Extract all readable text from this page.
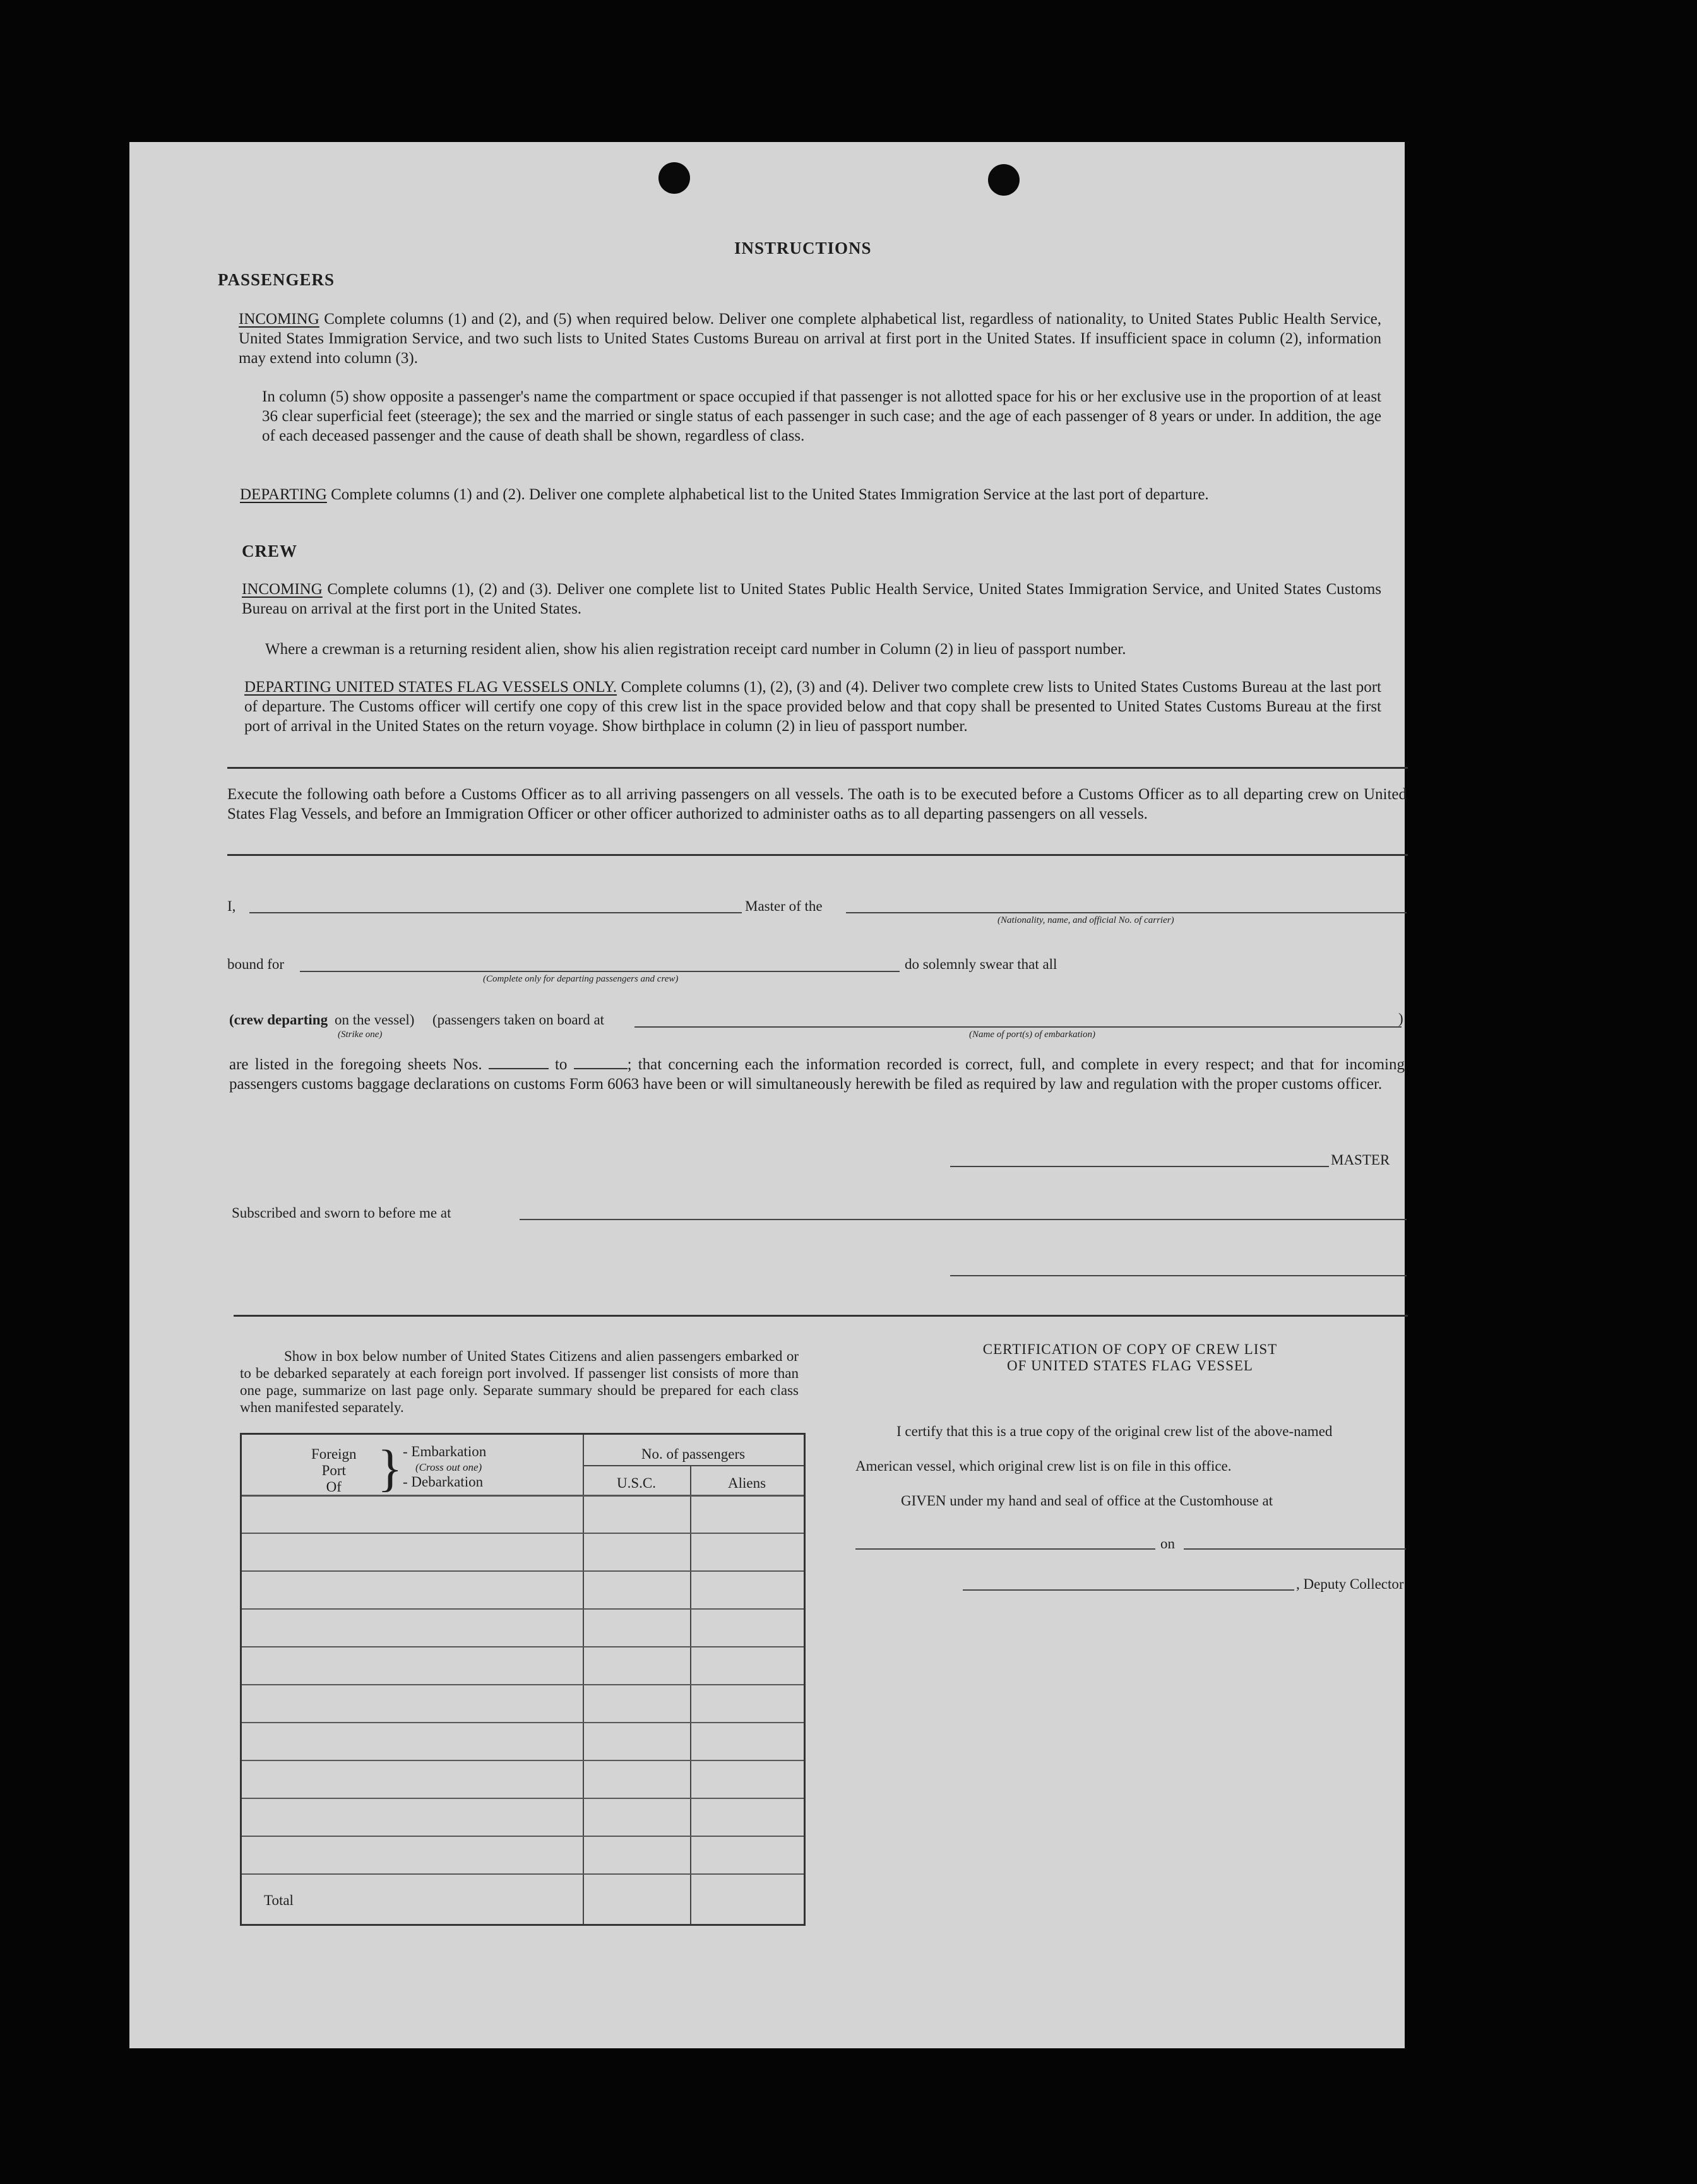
INSTRUCTIONS
PASSENGERS
INCOMING Complete columns (1) and (2), and (5) when required below. Deliver one complete alphabetical list, regardless of nationality, to United States Public Health Service, United States Immigration Service, and two such lists to United States Customs Bureau on arrival at first port in the United States. If insufficient space in column (2), information may extend into column (3).
In column (5) show opposite a passenger's name the compartment or space occupied if that passenger is not allotted space for his or her exclusive use in the proportion of at least 36 clear superficial feet (steerage); the sex and the married or single status of each passenger in such case; and the age of each passenger of 8 years or under. In addition, the age of each deceased passenger and the cause of death shall be shown, regardless of class.
DEPARTING Complete columns (1) and (2). Deliver one complete alphabetical list to the United States Immigration Service at the last port of departure.
CREW
INCOMING Complete columns (1), (2) and (3). Deliver one complete list to United States Public Health Service, United States Immigration Service, and United States Customs Bureau on arrival at the first port in the United States.
Where a crewman is a returning resident alien, show his alien registration receipt card number in Column (2) in lieu of passport number.
DEPARTING UNITED STATES FLAG VESSELS ONLY. Complete columns (1), (2), (3) and (4). Deliver two complete crew lists to United States Customs Bureau at the last port of departure. The Customs officer will certify one copy of this crew list in the space provided below and that copy shall be presented to United States Customs Bureau at the first port of arrival in the United States on the return voyage. Show birthplace in column (2) in lieu of passport number.
Execute the following oath before a Customs Officer as to all arriving passengers on all vessels. The oath is to be executed before a Customs Officer as to all departing crew on United States Flag Vessels, and before an Immigration Officer or other officer authorized to administer oaths as to all departing passengers on all vessels.
I,	Master of the
(Nationality, name, and official No. of carrier)
bound for
(Complete only for departing passengers and crew)
do solemnly swear that all
(crew departing on the vessel)
(Strike one)
(passengers taken on board at
(Name of port(s) of embarkation)
)
are listed in the foregoing sheets Nos.	to	; that concerning each the information recorded is correct, full, and complete in every respect; and that for incoming passengers customs baggage declarations on customs Form 6063 have been or will simultaneously herewith be filed as required by law and regulation with the proper customs officer.
MASTER
Subscribed and sworn to before me at
Show in box below number of United States Citizens and alien passengers embarked or to be debarked separately at each foreign port involved. If passenger list consists of more than one page, summarize on last page only. Separate summary should be prepared for each class when manifested separately.
Foreign
Port
Of } - Embarkation
(Cross out one)
- Debarkation
No. of passengers
U.S.C.	Aliens
Total
CERTIFICATION OF COPY OF CREW LIST
OF UNITED STATES FLAG VESSEL
I certify that this is a true copy of the original crew list of the above-named
American vessel, which original crew list is on file in this office.
GIVEN under my hand and seal of office at the Customhouse at
on
, Deputy Collector
